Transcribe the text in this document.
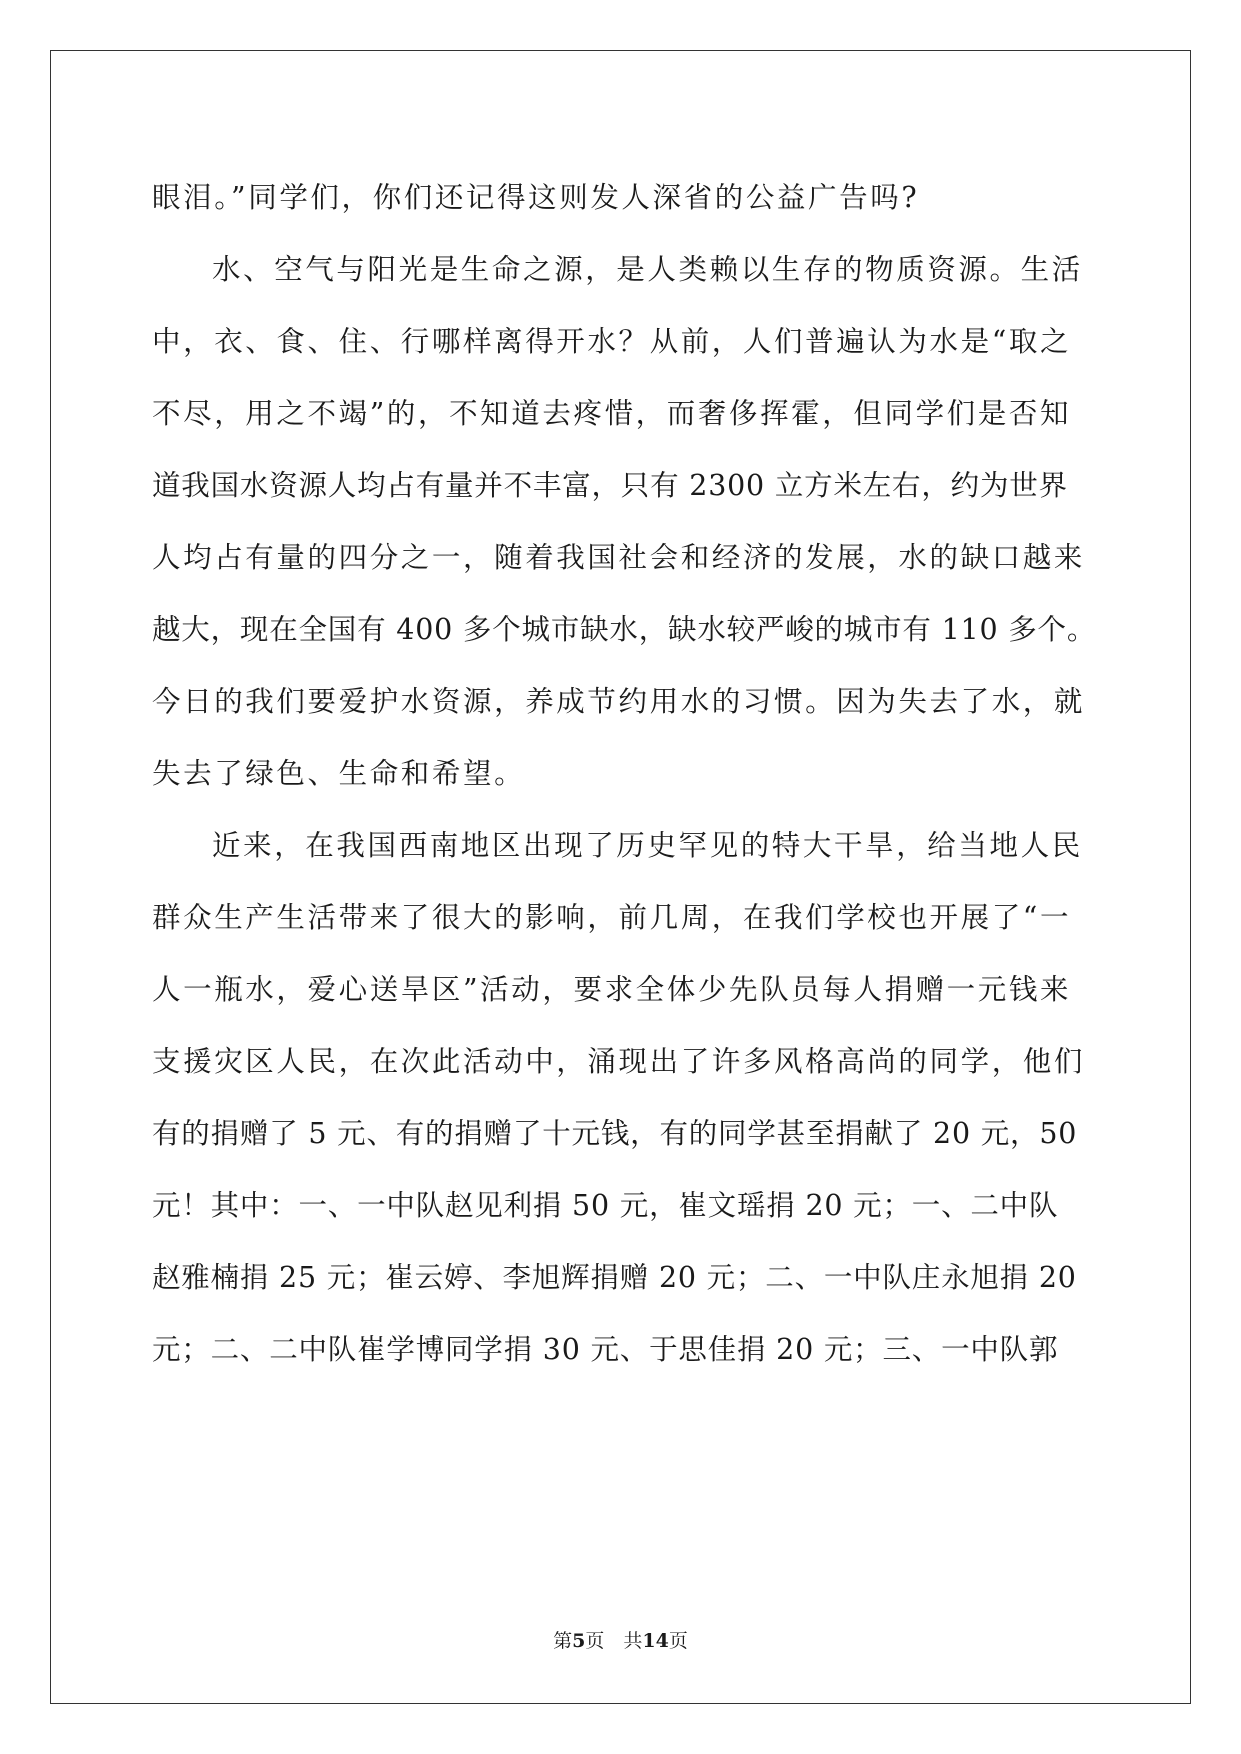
眼泪。”同学们，你们还记得这则发人深省的公益广告吗?
水、空气与阳光是生命之源，是人类赖以生存的物质资源。生活
中，衣、食、住、行哪样离得开水？从前，人们普遍认为水是“取之
不尽，用之不竭”的，不知道去疼惜，而奢侈挥霍，但同学们是否知
道我国水资源人均占有量并不丰富，只有 2300 立方米左右，约为世界
人均占有量的四分之一，随着我国社会和经济的发展，水的缺口越来
越大，现在全国有 400 多个城市缺水，缺水较严峻的城市有 110 多个。
今日的我们要爱护水资源，养成节约用水的习惯。因为失去了水，就
失去了绿色、生命和希望。
近来，在我国西南地区出现了历史罕见的特大干旱，给当地人民
群众生产生活带来了很大的影响，前几周，在我们学校也开展了“一
人一瓶水，爱心送旱区”活动，要求全体少先队员每人捐赠一元钱来
支援灾区人民，在次此活动中，涌现出了许多风格高尚的同学，他们
有的捐赠了 5 元、有的捐赠了十元钱，有的同学甚至捐献了 20 元，50
元！其中：一、一中队赵见利捐 50 元，崔文瑶捐 20 元；一、二中队
赵雅楠捐 25 元；崔云婷、李旭辉捐赠 20 元；二、一中队庄永旭捐 20
元；二、二中队崔学博同学捐 30 元、于思佳捐 20 元；三、一中队郭
第5页　共14页
